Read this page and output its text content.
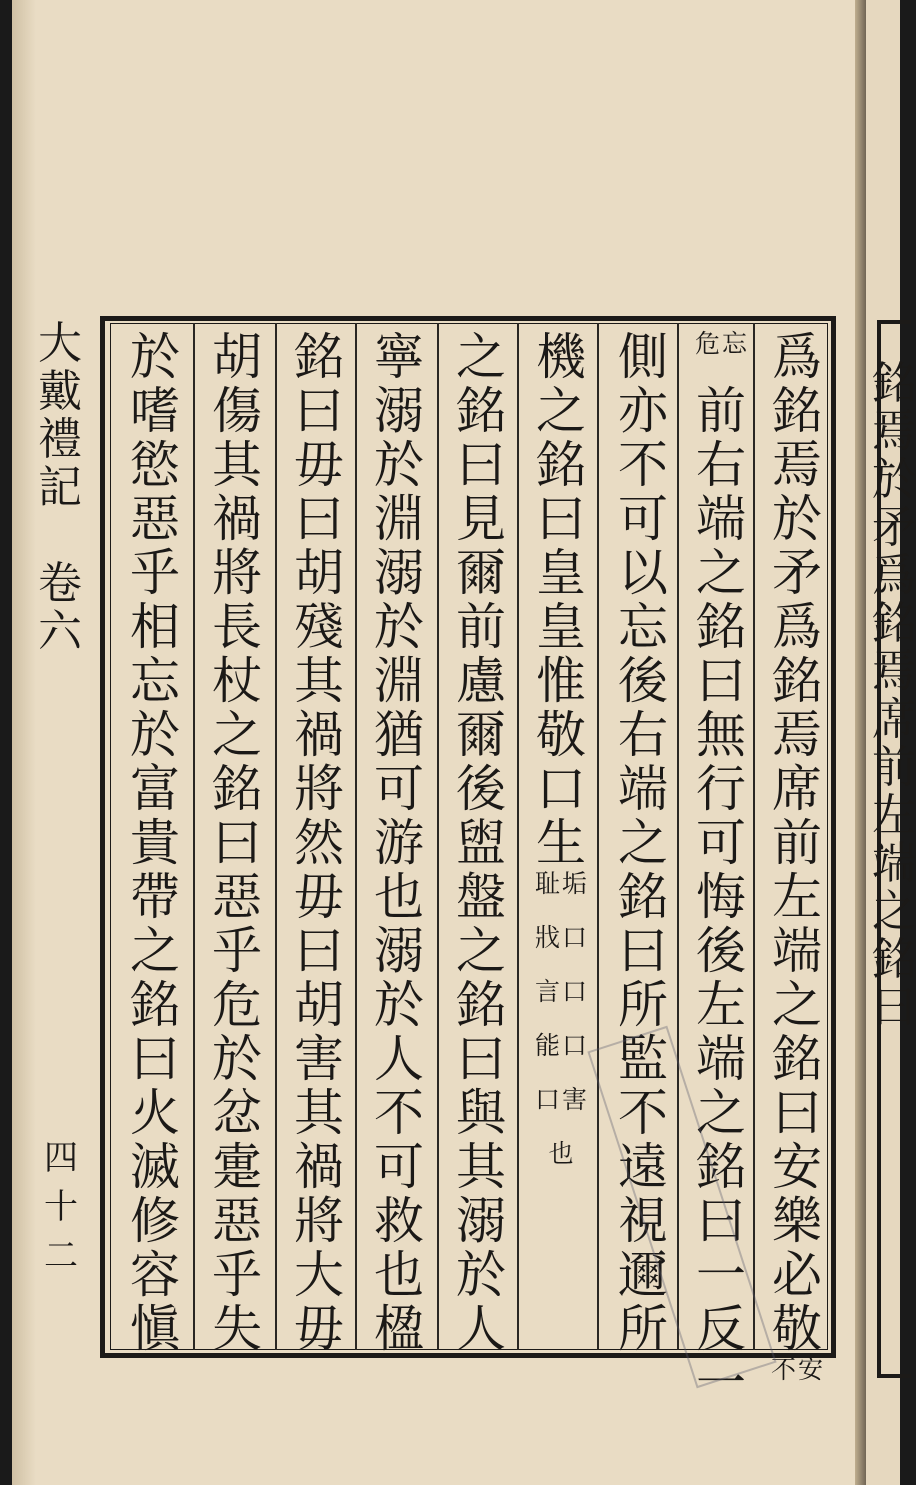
銘
焉
於
矛
爲
銘
焉
席
前
左
端
之
銘
曰
大
戴
禮
記

卷
六
四十二
爲
銘
焉
於
矛
爲
銘
焉
席
前
左
端
之
銘
曰
安
樂
必
敬
安
不
忘
危
前
右
端
之
銘
曰
無
行
可
悔
後
左
端
之
銘
曰
一
反
一
側
亦
不
可
以
忘
後
右
端
之
銘
曰
所
監
不
遠
視
邇
所
機
之
銘
曰
皇
皇
惟
敬
口
生
垢
耻
口
戕
口
言
口
能
害
口
也
之
銘
曰
見
爾
前
慮
爾
後
盥
盤
之
銘
曰
與
其
溺
於
人
寧
溺
於
淵
溺
於
淵
猶
可
游
也
溺
於
人
不
可
救
也
楹
銘
曰
毋
曰
胡
殘
其
禍
將
然
毋
曰
胡
害
其
禍
將
大
毋
胡
傷
其
禍
將
長
杖
之
銘
曰
惡
乎
危
於
忿
疐
惡
乎
失
於
嗜
慾
惡
乎
相
忘
於
富
貴
帶
之
銘
曰
火
滅
修
容
愼
